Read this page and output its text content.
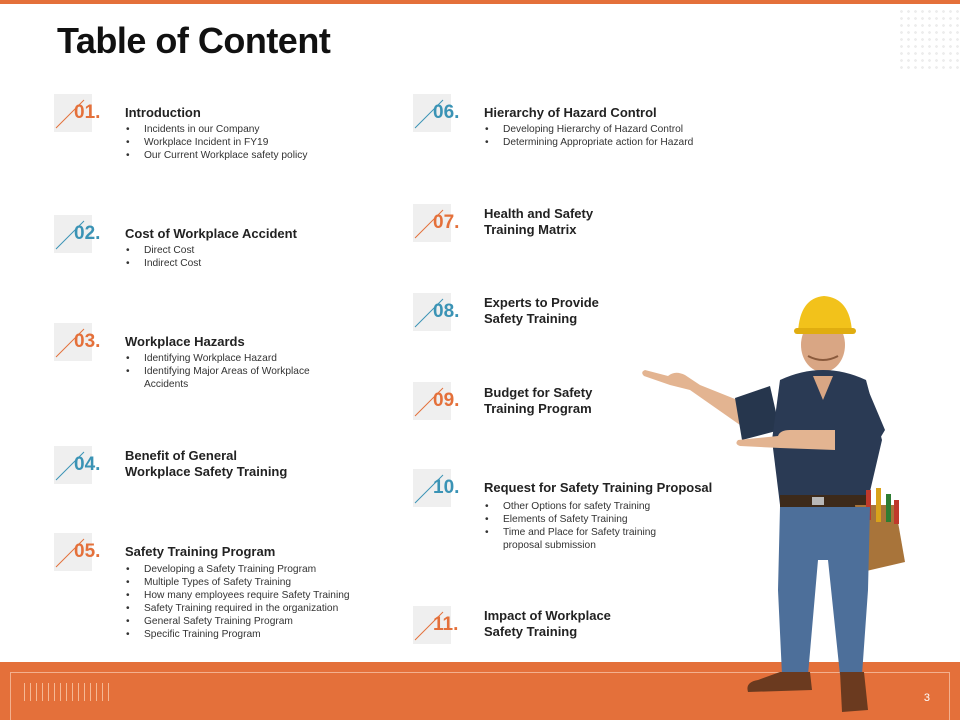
Table of Content
01. Introduction
• Incidents in our Company
• Workplace Incident in FY19
• Our Current Workplace safety policy
02. Cost of Workplace Accident
• Direct Cost
• Indirect Cost
03. Workplace Hazards
• Identifying Workplace Hazard
• Identifying Major Areas of Workplace Accidents
04. Benefit of General
Workplace Safety Training
05. Safety Training Program
• Developing a Safety Training Program
• Multiple Types of Safety Training
• How many employees require Safety Training
• Safety Training required in the organization
• General Safety Training Program
• Specific Training Program
06. Hierarchy of Hazard Control
• Developing Hierarchy of Hazard Control
• Determining Appropriate action for Hazard
07. Health and Safety
Training Matrix
08. Experts to Provide
Safety Training
09. Budget for Safety
Training Program
10. Request for Safety Training Proposal
• Other Options for safety Training
• Elements of Safety Training
• Time and Place for Safety training proposal submission
11. Impact of Workplace
Safety Training
3
